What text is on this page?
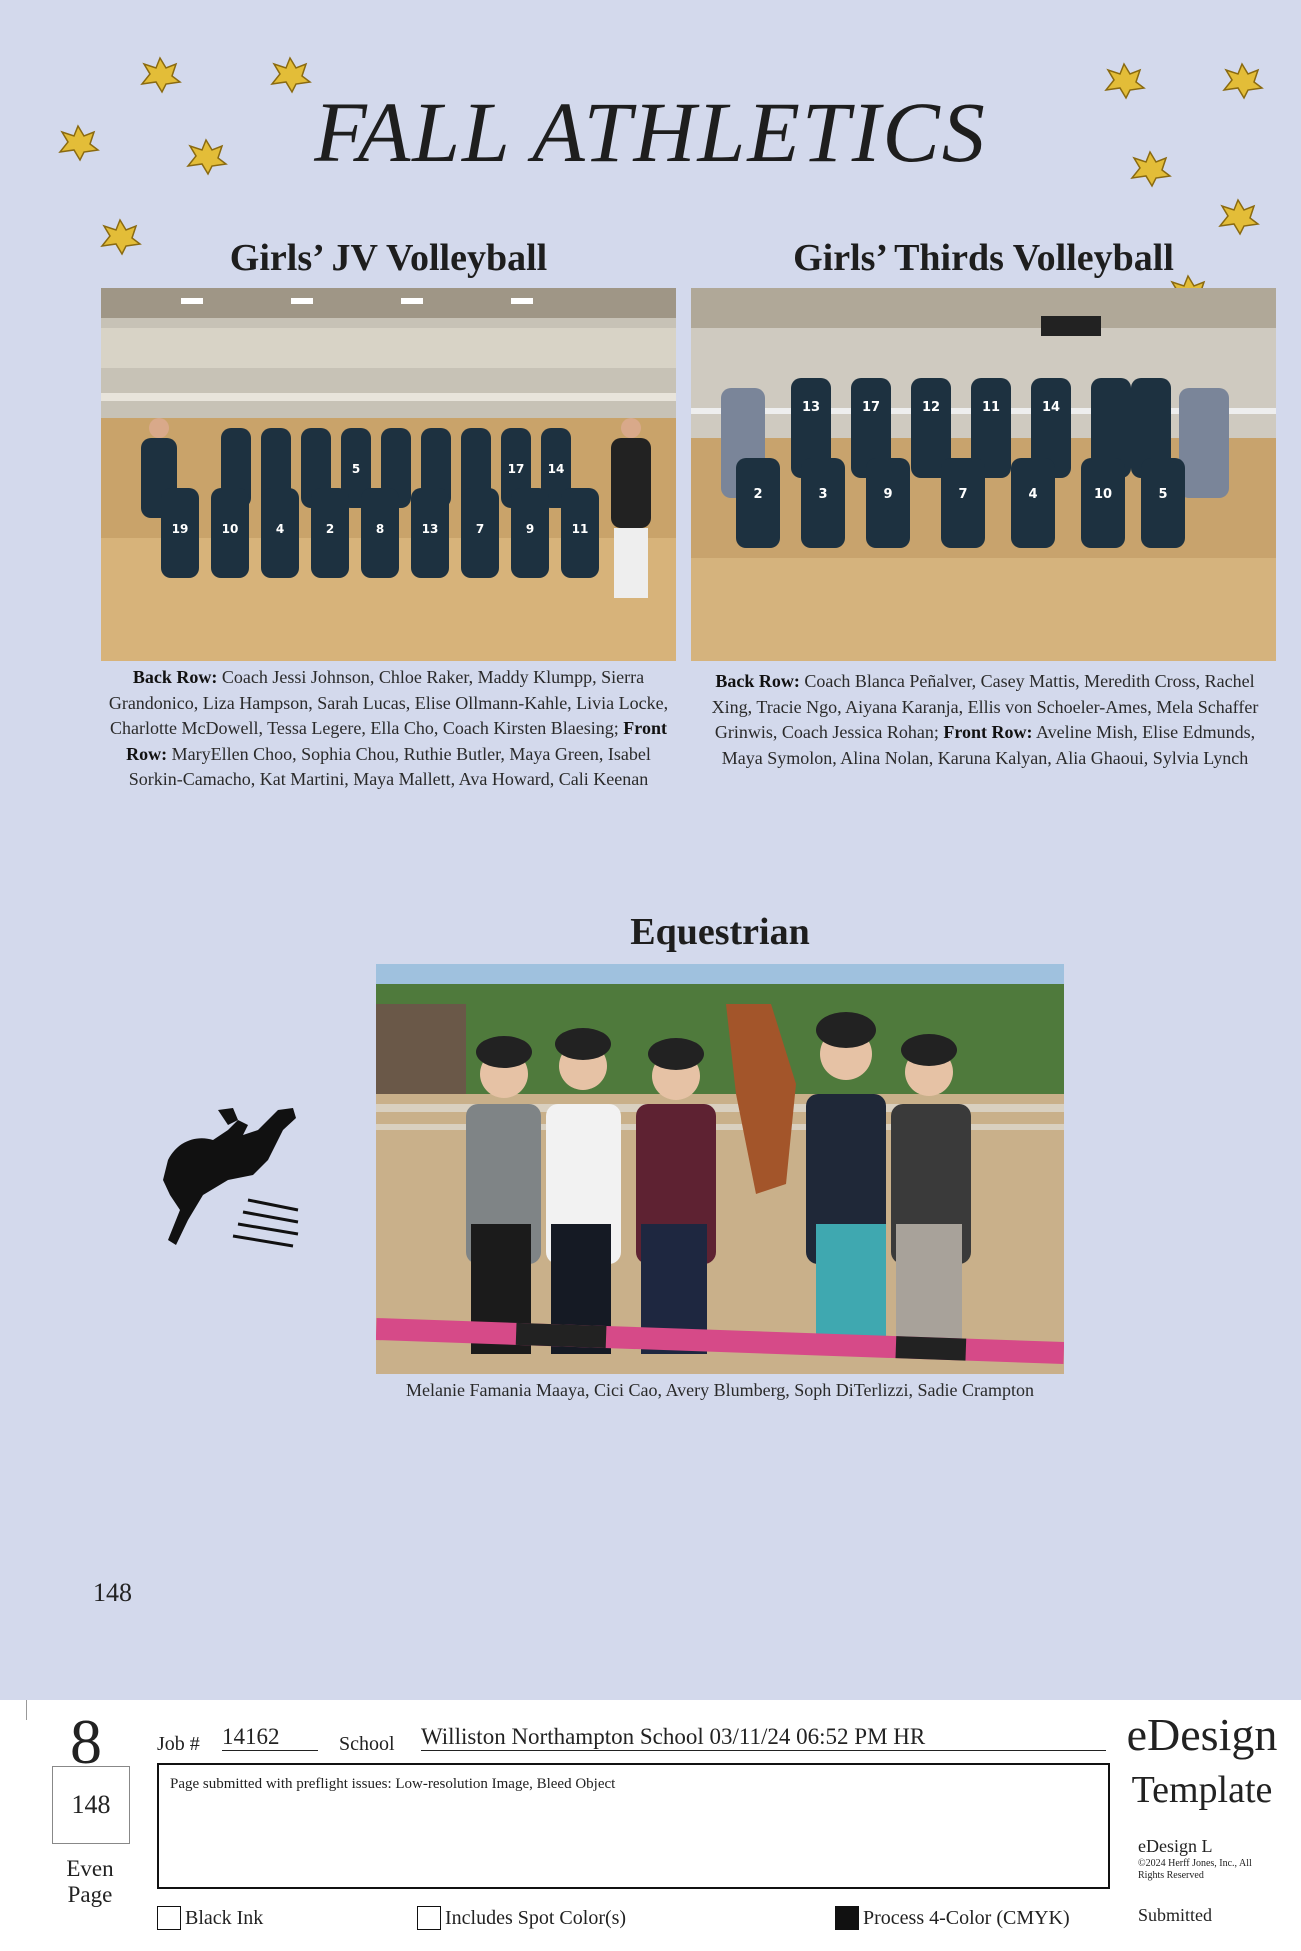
FALL ATHLETICS
Girls’ JV Volleyball
19	10	4	2	8	13	7	9	11
5	17 14
Back Row: Coach Jessi Johnson, Chloe Raker, Maddy Klumpp, Sierra Grandonico, Liza Hampson, Sarah Lucas, Elise Ollmann-Kahle, Livia Locke, Charlotte McDowell, Tessa Legere, Ella Cho, Coach Kirsten Blaesing; Front Row: MaryEllen Choo, Sophia Chou, Ruthie Butler, Maya Green, Isabel Sorkin-Camacho, Kat Martini, Maya Mallett, Ava Howard, Cali Keenan
Girls’ Thirds Volleyball
13	17	12	11	14
2	3	9	7	4	10	5
Back Row: Coach Blanca Peñalver, Casey Mattis, Meredith Cross, Rachel Xing, Tracie Ngo, Aiyana Karanja, Ellis von Schoeler-Ames, Mela Schaffer Grinwis, Coach Jessica Rohan; Front Row: Aveline Mish, Elise Edmunds, Maya Symolon, Alina Nolan, Karuna Kalyan, Alia Ghaoui, Sylvia Lynch
Equestrian
Melanie Famania Maaya, Cici Cao, Avery Blumberg, Soph DiTerlizzi, Sadie Crampton
148
8
148
Even Page
Job # 14162	School Williston Northampton School 03/11/24 06:52 PM HR
Page submitted with preflight issues: Low-resolution Image, Bleed Object
eDesign
Template
eDesign L
©2024 Herff Jones, Inc., All Rights Reserved
Submitted
Black Ink	Includes Spot Color(s)	Process 4-Color (CMYK)
